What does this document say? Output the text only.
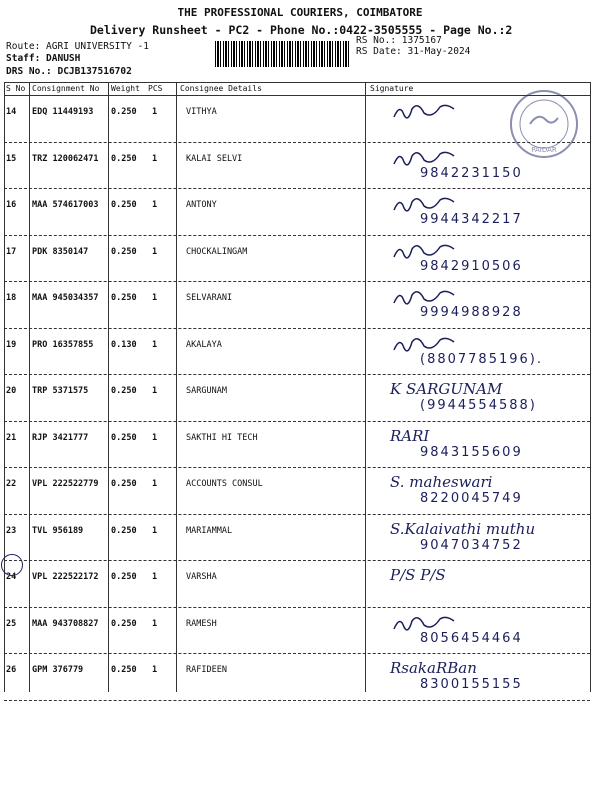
THE PROFESSIONAL COURIERS, COIMBATORE
Delivery Runsheet - PC2 - Phone No.:0422-3505555 - Page No.:2
Route: AGRI UNIVERSITY -1
Staff: DANUSH
DRS No.: DCJB137516702
RS No.: 1375167
RS Date: 31-May-2024
PAIDAR
S No Consignment No Weight PCS Consignee Details	Signature
14 EDQ 11449193 0.250 1	VITHYA
15 TRZ 120062471 0.250 1	KALAI SELVI
9842231150
16 MAA 574617003 0.250 1	ANTONY
9944342217
17 PDK 8350147	0.250 1	CHOCKALINGAM
9842910506
18 MAA 945034357 0.250 1	SELVARANI
9994988928
19 PRO 16357855 0.130 1	AKALAYA
(8807785196).
20 TRP 5371575	0.250 1	SARGUNAM	K SARGUNAM
(9944554588)
21 RJP 3421777	0.250 1	SAKTHI HI TECH	RARI
9843155609
22 VPL 222522779 0.250 1	ACCOUNTS CONSUL	S. maheswari
8220045749
23 TVL 956189	0.250 1	MARIAMMAL	S.Kalaivathi muthu
9047034752
24 VPL 222522172 0.250 1	VARSHA	P/S P/S
25 MAA 943708827 0.250 1	RAMESH
8056454464
26 GPM 376779	0.250 1	RAFIDEEN	RsakaRBan
8300155155
